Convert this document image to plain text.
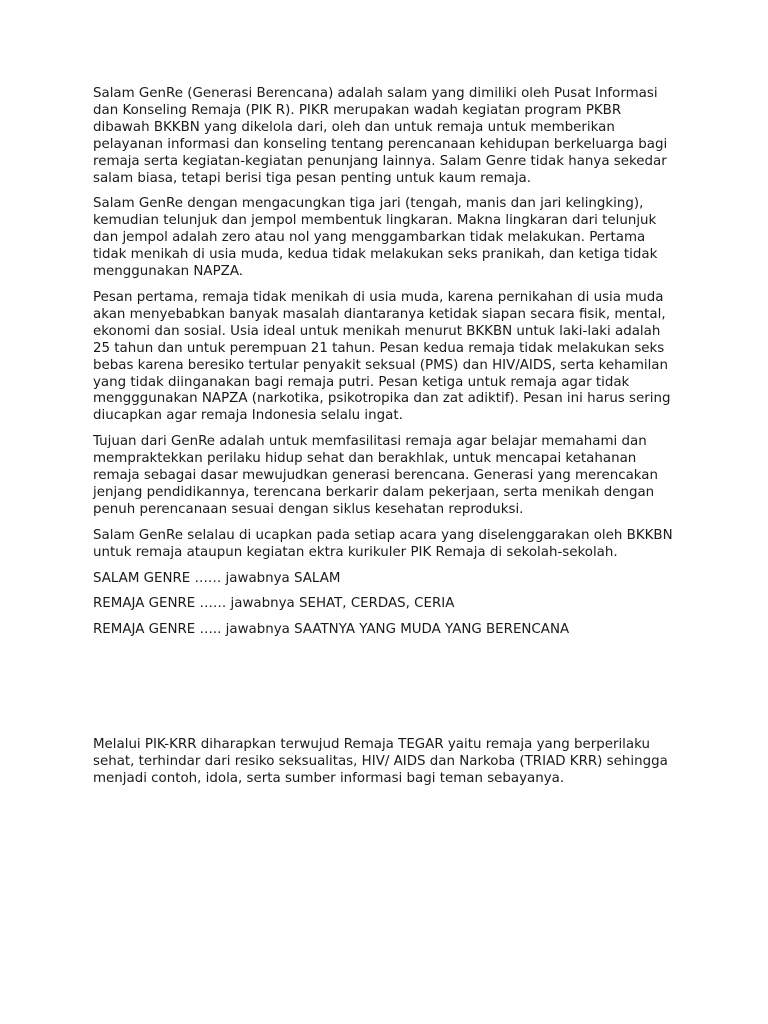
Salam GenRe (Generasi Berencana) adalah salam yang dimiliki oleh Pusat Informasi dan Konseling Remaja (PIK R). PIKR merupakan wadah kegiatan program PKBR dibawah BKKBN yang dikelola dari, oleh dan untuk remaja untuk memberikan pelayanan informasi dan konseling tentang perencanaan kehidupan berkeluarga bagi remaja serta kegiatan-kegiatan penunjang lainnya. Salam Genre tidak hanya sekedar salam biasa, tetapi berisi tiga pesan penting untuk kaum remaja.

Salam GenRe dengan mengacungkan tiga jari (tengah, manis dan jari kelingking), kemudian telunjuk dan jempol membentuk lingkaran. Makna lingkaran dari telunjuk dan jempol adalah zero atau nol yang menggambarkan tidak melakukan. Pertama tidak menikah di usia muda, kedua tidak melakukan seks pranikah, dan ketiga tidak menggunakan NAPZA.

Pesan pertama, remaja tidak menikah di usia muda, karena pernikahan di usia muda akan menyebabkan banyak masalah diantaranya ketidak siapan secara fisik, mental, ekonomi dan sosial. Usia ideal untuk menikah menurut BKKBN untuk laki-laki adalah 25 tahun dan untuk perempuan 21 tahun. Pesan kedua remaja tidak melakukan seks bebas karena beresiko tertular penyakit seksual (PMS) dan HIV/AIDS, serta kehamilan yang tidak diinganakan bagi remaja putri. Pesan ketiga untuk remaja agar tidak mengggunakan NAPZA (narkotika, psikotropika dan zat adiktif). Pesan ini harus sering diucapkan agar remaja Indonesia selalu ingat.

Tujuan dari GenRe adalah untuk memfasilitasi remaja agar belajar memahami dan mempraktekkan perilaku hidup sehat dan berakhlak, untuk mencapai ketahanan remaja sebagai dasar mewujudkan generasi berencana. Generasi yang merencakan jenjang pendidikannya, terencana berkarir dalam pekerjaan, serta menikah dengan penuh perencanaan sesuai dengan siklus kesehatan reproduksi.

Salam GenRe selalau di ucapkan pada setiap acara yang diselenggarakan oleh BKKBN untuk remaja ataupun kegiatan ektra kurikuler PIK Remaja di sekolah-sekolah.

SALAM GENRE …… jawabnya SALAM

REMAJA GENRE …… jawabnya SEHAT, CERDAS, CERIA

REMAJA GENRE ….. jawabnya SAATNYA YANG MUDA YANG BERENCANA

Melalui PIK-KRR diharapkan terwujud Remaja TEGAR yaitu remaja yang berperilaku sehat, terhindar dari resiko seksualitas, HIV/ AIDS dan Narkoba (TRIAD KRR) sehingga menjadi contoh, idola, serta sumber informasi bagi teman sebayanya.
